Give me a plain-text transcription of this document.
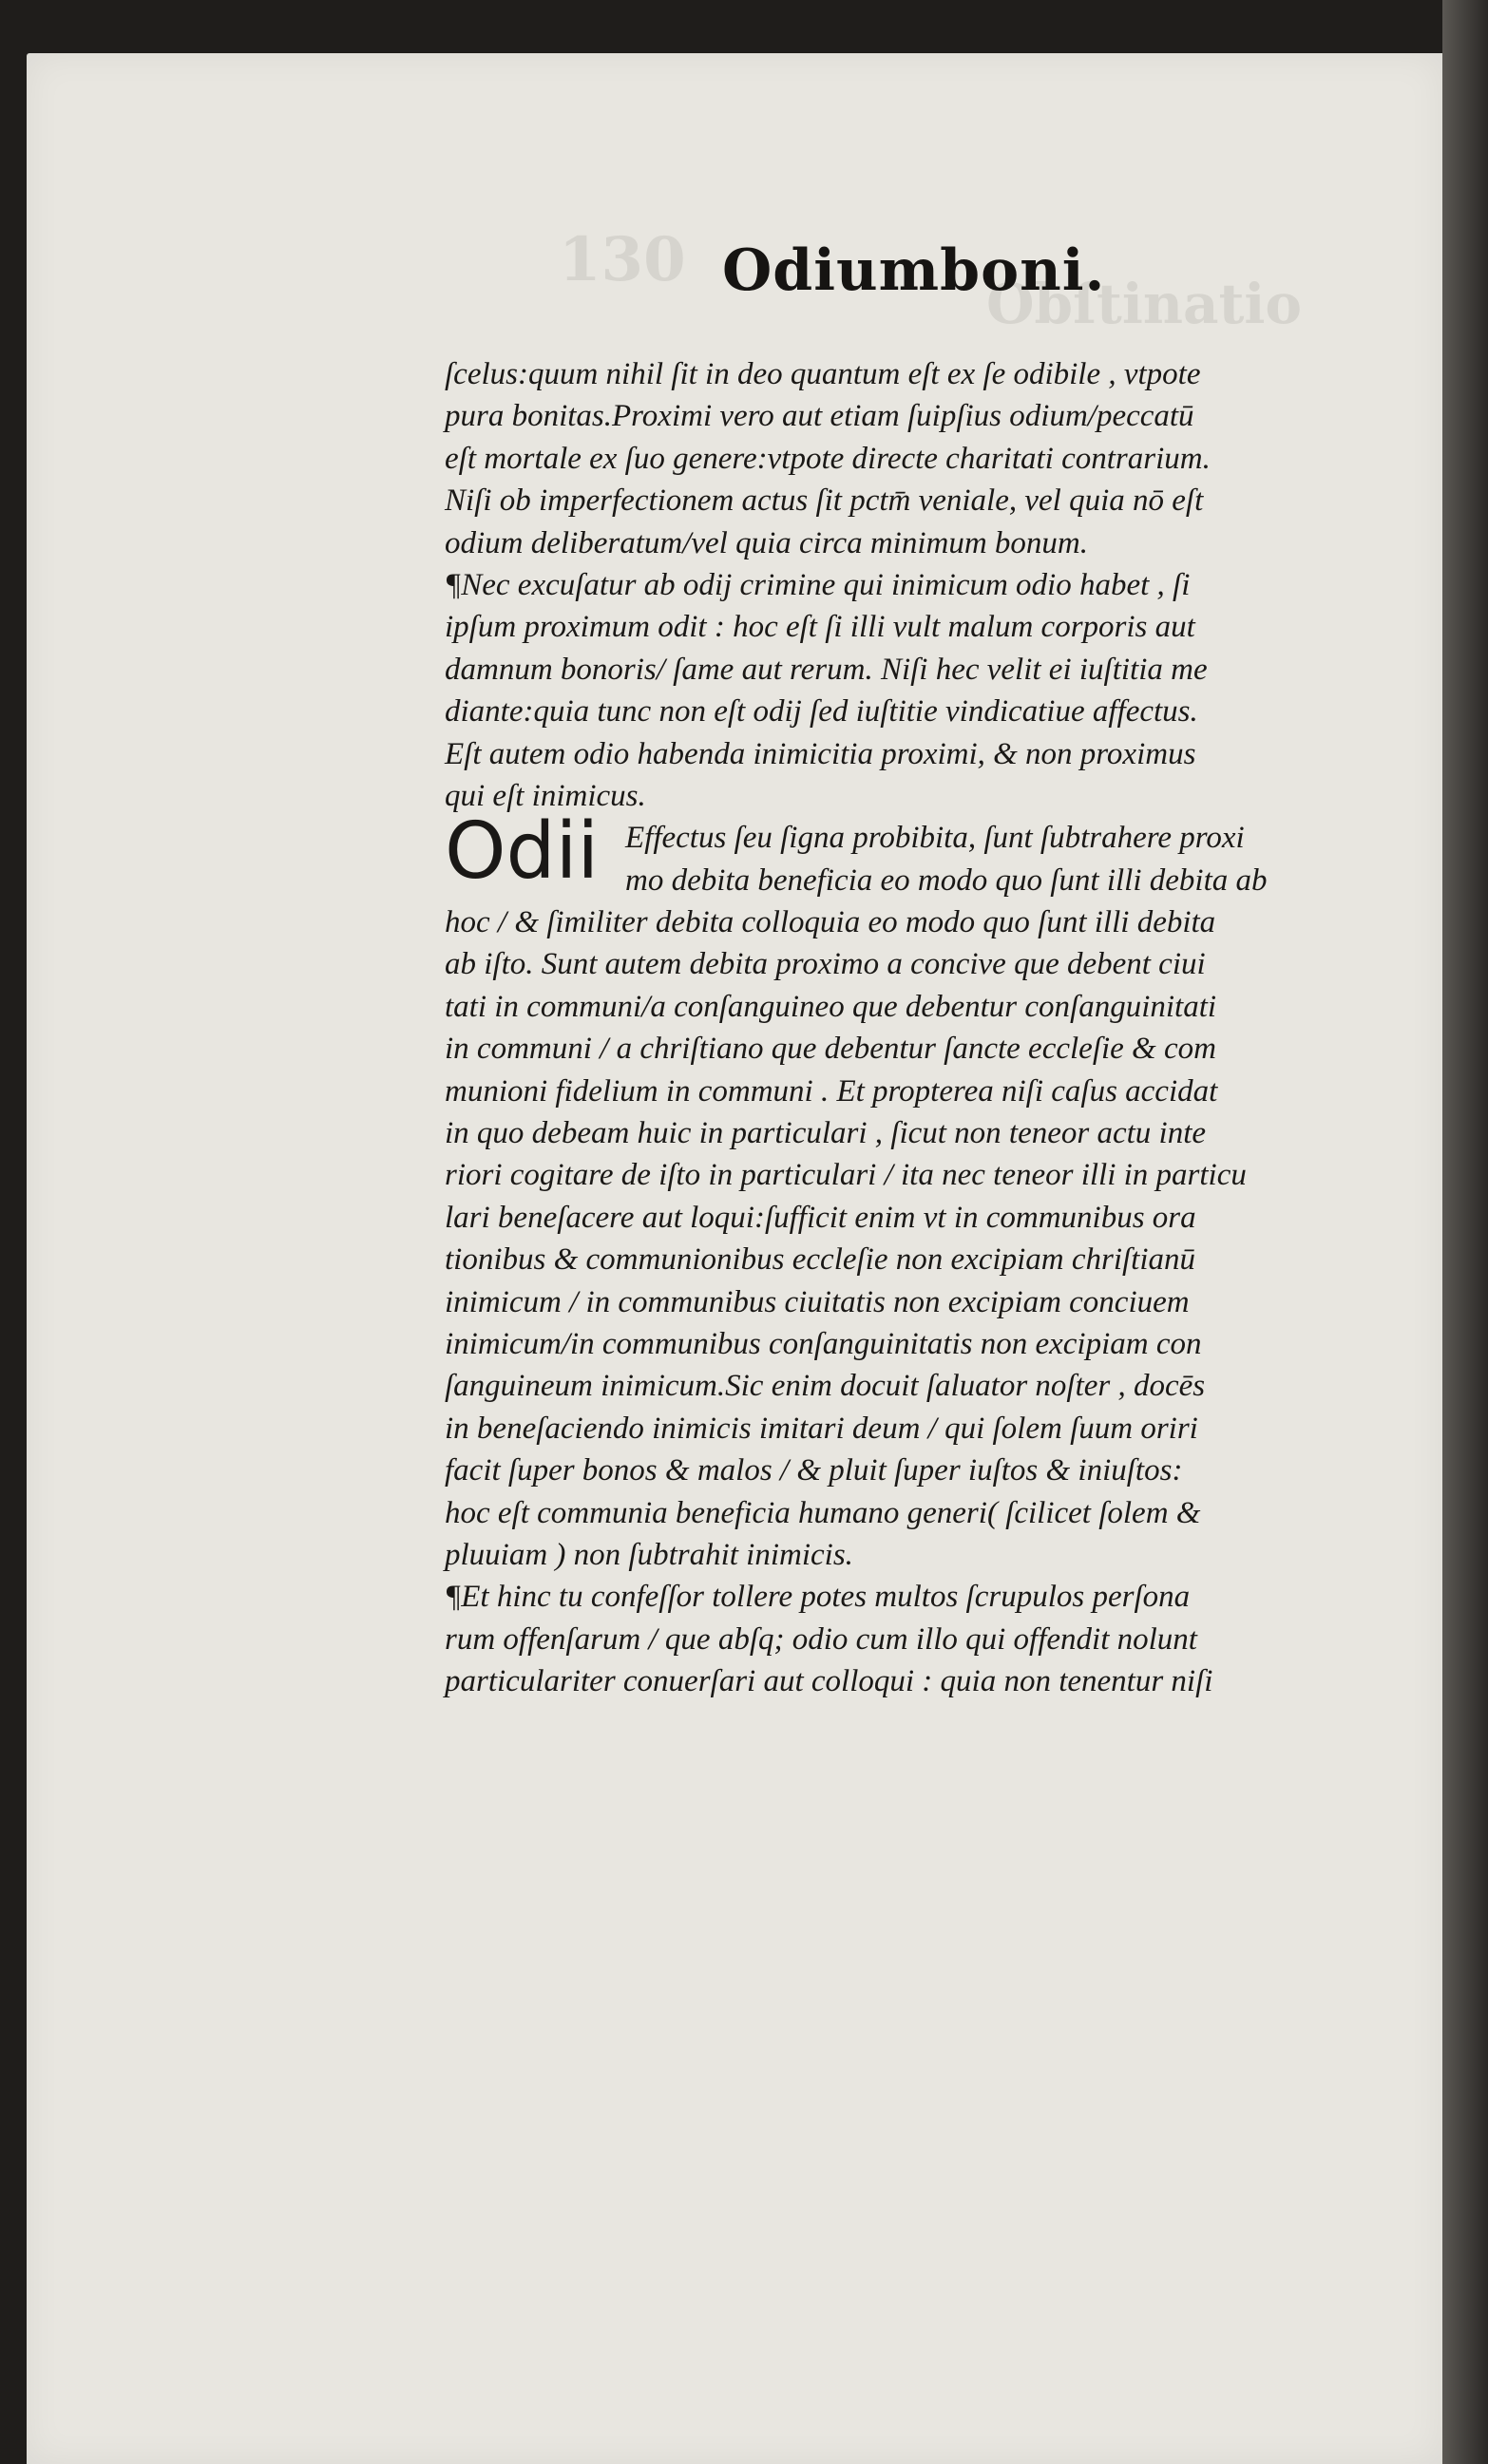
130
Obſtinatio
Odiumboni.
ſcelus:quum nihil ſit in deo quantum eſt ex ſe odibile , vtpote
pura bonitas.Proximi vero aut etiam ſuipſius odium/peccatū
eſt mortale ex ſuo genere:vtpote directe charitati contrarium.
Niſi ob imperfectionem actus ſit pctm̄ veniale, vel quia nō eſt
odium deliberatum/vel quia circa minimum bonum.
¶Nec excuſatur ab odij crimine qui inimicum odio habet , ſi
ipſum proximum odit : hoc eſt ſi illi vult malum corporis aut
damnum bonoris/ ſame aut rerum. Niſi hec velit ei iuſtitia me
diante:quia tunc non eſt odij ſed iuſtitie vindicatiue affectus.
Eſt autem odio habenda inimicitia proximi, & non proximus
qui eſt inimicus.
Odii Effectus ſeu ſigna probibita, ſunt ſubtrahere proxi
mo debita beneficia eo modo quo ſunt illi debita ab
hoc / & ſimiliter debita colloquia eo modo quo ſunt illi debita
ab iſto. Sunt autem debita proximo a concive que debent ciui
tati in communi/a conſanguineo que debentur conſanguinitati
in communi / a chriſtiano que debentur ſancte eccleſie & com
munioni fidelium in communi . Et propterea niſi caſus accidat
in quo debeam huic in particulari , ſicut non teneor actu inte
riori cogitare de iſto in particulari / ita nec teneor illi in particu
lari beneſacere aut loqui:ſufficit enim vt in communibus ora
tionibus & communionibus eccleſie non excipiam chriſtianū
inimicum / in communibus ciuitatis non excipiam conciuem
inimicum/in communibus conſanguinitatis non excipiam con
ſanguineum inimicum.Sic enim docuit ſaluator noſter , docēs
in beneſaciendo inimicis imitari deum / qui ſolem ſuum oriri
facit ſuper bonos & malos / & pluit ſuper iuſtos & iniuſtos:
hoc eſt communia beneficia humano generi( ſcilicet ſolem &
pluuiam ) non ſubtrahit inimicis.
¶Et hinc tu confeſſor tollere potes multos ſcrupulos perſona
rum offenſarum / que abſq; odio cum illo qui offendit nolunt
particulariter conuerſari aut colloqui : quia non tenentur niſi
